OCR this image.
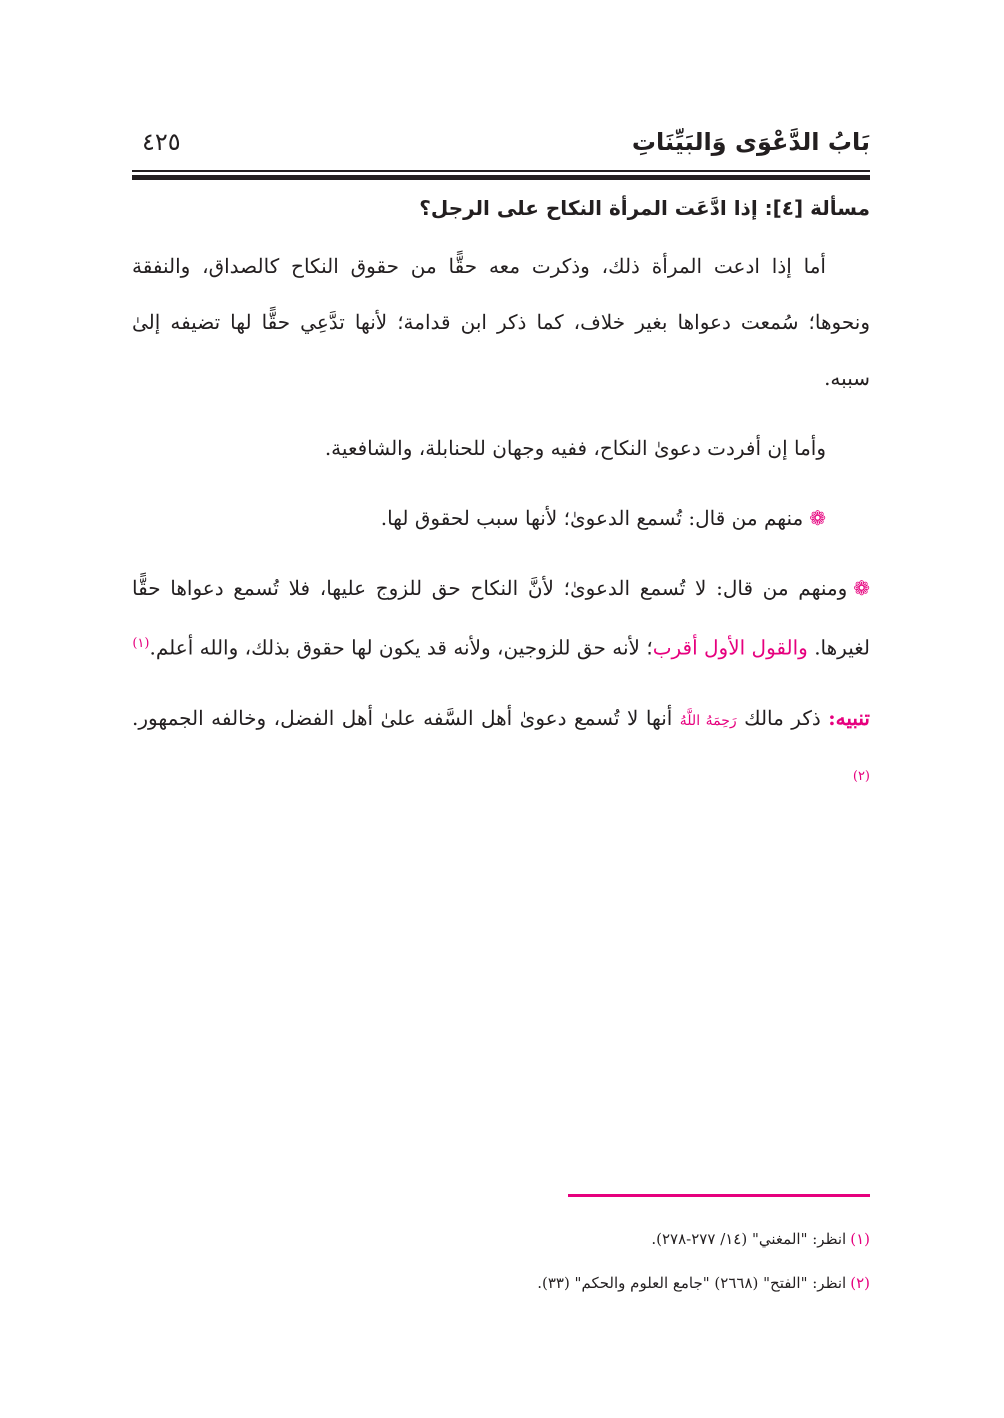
بَابُ الدَّعْوَى وَالبَيِّنَاتِ
٤٢٥
مسألة [٤]: إذا ادَّعَت المرأة النكاح على الرجل؟

أما إذا ادعت المرأة ذلك، وذكرت معه حقًّا من حقوق النكاح كالصداق، والنفقة ونحوها؛ سُمعت دعواها بغير خلاف، كما ذكر ابن قدامة؛ لأنها تدَّعِي حقًّا لها تضيفه إلىٰ سببه.

وأما إن أفردت دعوىٰ النكاح، ففيه وجهان للحنابلة، والشافعية.

❁منهم من قال: تُسمع الدعوىٰ؛ لأنها سبب لحقوق لها.

❁ومنهم من قال: لا تُسمع الدعوىٰ؛ لأنَّ النكاح حق للزوج عليها، فلا تُسمع دعواها حقًّا لغيرها. والقول الأول أقرب؛ لأنه حق للزوجين، ولأنه قد يكون لها حقوق بذلك، والله أعلم.$^{(١)}$

تنبيه: ذكر مالك رَحِمَهُ اللَّهُ أنها لا تُسمع دعوىٰ أهل السَّفه علىٰ أهل الفضل، وخالفه الجمهور.$^{(٢)}$

(١)انظر: "المغني" (١٤/ ٢٧٧-٢٧٨).

(٢)انظر: "الفتح" (٢٦٦٨) "جامع العلوم والحكم" (٣٣).
